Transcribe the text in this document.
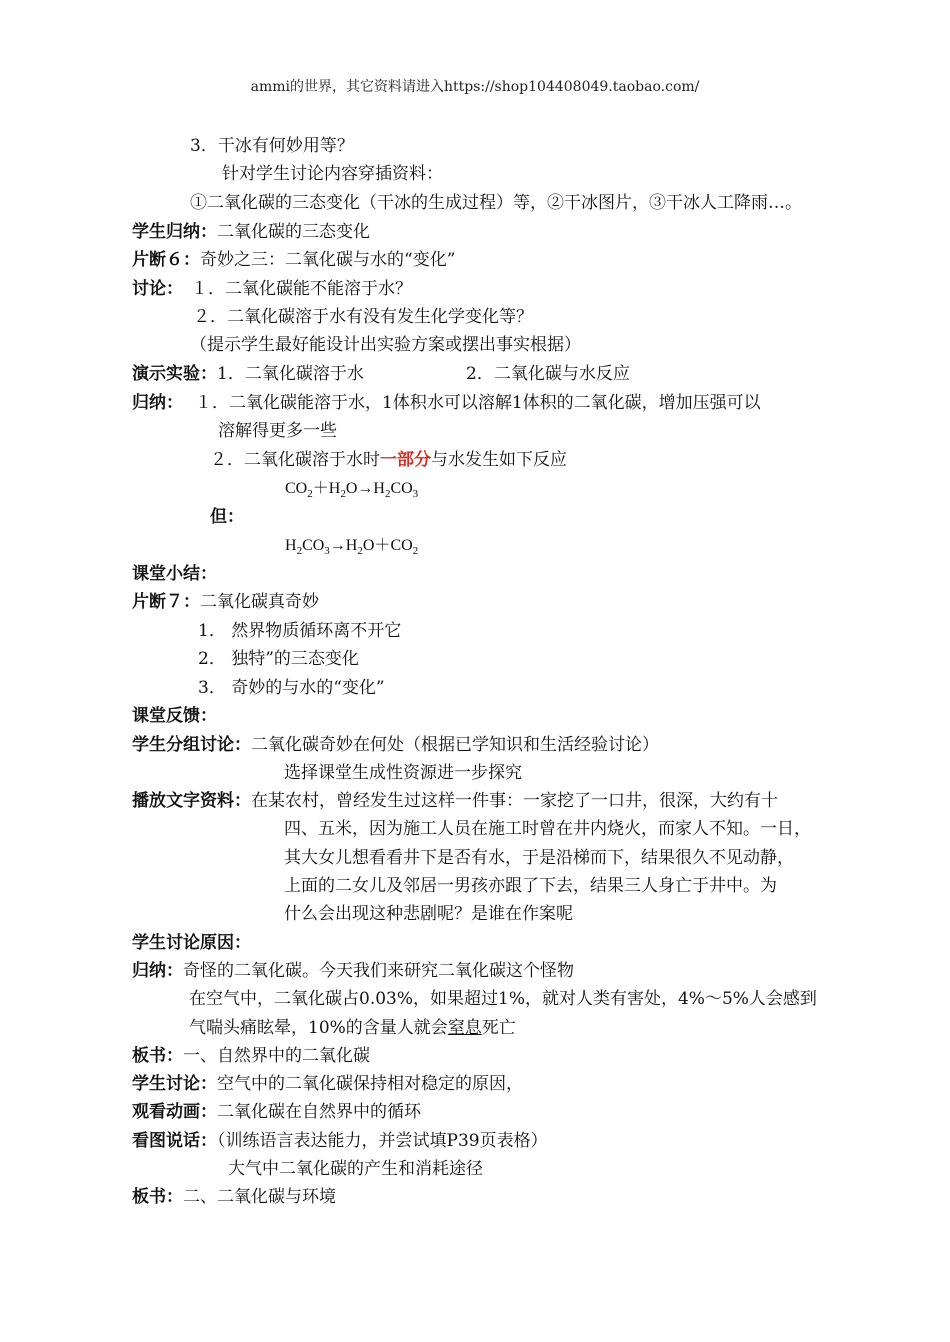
ammi的世界，其它资料请进入https://shop104408049.taobao.com/
3．干冰有何妙用等？
针对学生讨论内容穿插资料：
①二氧化碳的三态变化（干冰的生成过程）等，②干冰图片，③干冰人工降雨…。
学生归纳：二氧化碳的三态变化
片断６：奇妙之三：二氧化碳与水的“变化”
讨论： １．二氧化碳能不能溶于水？
２．二氧化碳溶于水有没有发生化学变化等？
（提示学生最好能设计出实验方案或摆出事实根据）
演示实验：1．二氧化碳溶于水	2．二氧化碳与水反应
归纳： １．二氧化碳能溶于水，1体积水可以溶解1体积的二氧化碳，增加压强可以
溶解得更多一些
２．二氧化碳溶于水时一部分与水发生如下反应
$CO_2+H_2O\to H_2CO_3$
但：
$H_2CO_3\to H_2O+CO_2$
课堂小结：
片断７：二氧化碳真奇妙
1． 然界物质循环离不开它
2． 独特”的三态变化
3． 奇妙的与水的“变化”
课堂反馈：
学生分组讨论：二氧化碳奇妙在何处（根据已学知识和生活经验讨论）
选择课堂生成性资源进一步探究
播放文字资料：在某农村，曾经发生过这样一件事：一家挖了一口井，很深，大约有十
四、五米，因为施工人员在施工时曾在井内烧火，而家人不知。一日，
其大女儿想看看井下是否有水，于是沿梯而下，结果很久不见动静，
上面的二女儿及邻居一男孩亦跟了下去，结果三人身亡于井中。为
什么会出现这种悲剧呢？是谁在作案呢
学生讨论原因：
归纳：奇怪的二氧化碳。今天我们来研究二氧化碳这个怪物
在空气中，二氧化碳占0.03%，如果超过1%，就对人类有害处，4%～5%人会感到
气喘头痛眩晕，10%的含量人就会窒息死亡
板书：一、自然界中的二氧化碳
学生讨论：空气中的二氧化碳保持相对稳定的原因，
观看动画：二氧化碳在自然界中的循环
看图说话：（训练语言表达能力，并尝试填P39页表格）
大气中二氧化碳的产生和消耗途径
板书：二、二氧化碳与环境
